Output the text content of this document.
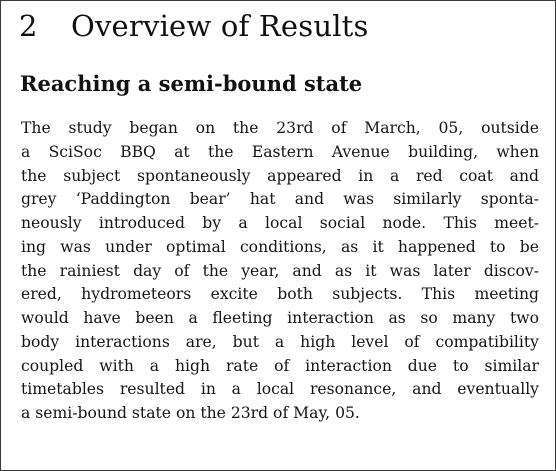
2 Overview of Results
Reaching a semi-bound state
The study began on the 23rd of March, 05, outside
a SciSoc BBQ at the Eastern Avenue building, when
the subject spontaneously appeared in a red coat and
grey ‘Paddington bear’ hat and was similarly sponta-
neously introduced by a local social node. This meet-
ing was under optimal conditions, as it happened to be
the rainiest day of the year, and as it was later discov-
ered, hydrometeors excite both subjects. This meeting
would have been a fleeting interaction as so many two
body interactions are, but a high level of compatibility
coupled with a high rate of interaction due to similar
timetables resulted in a local resonance, and eventually
a semi-bound state on the 23rd of May, 05.
